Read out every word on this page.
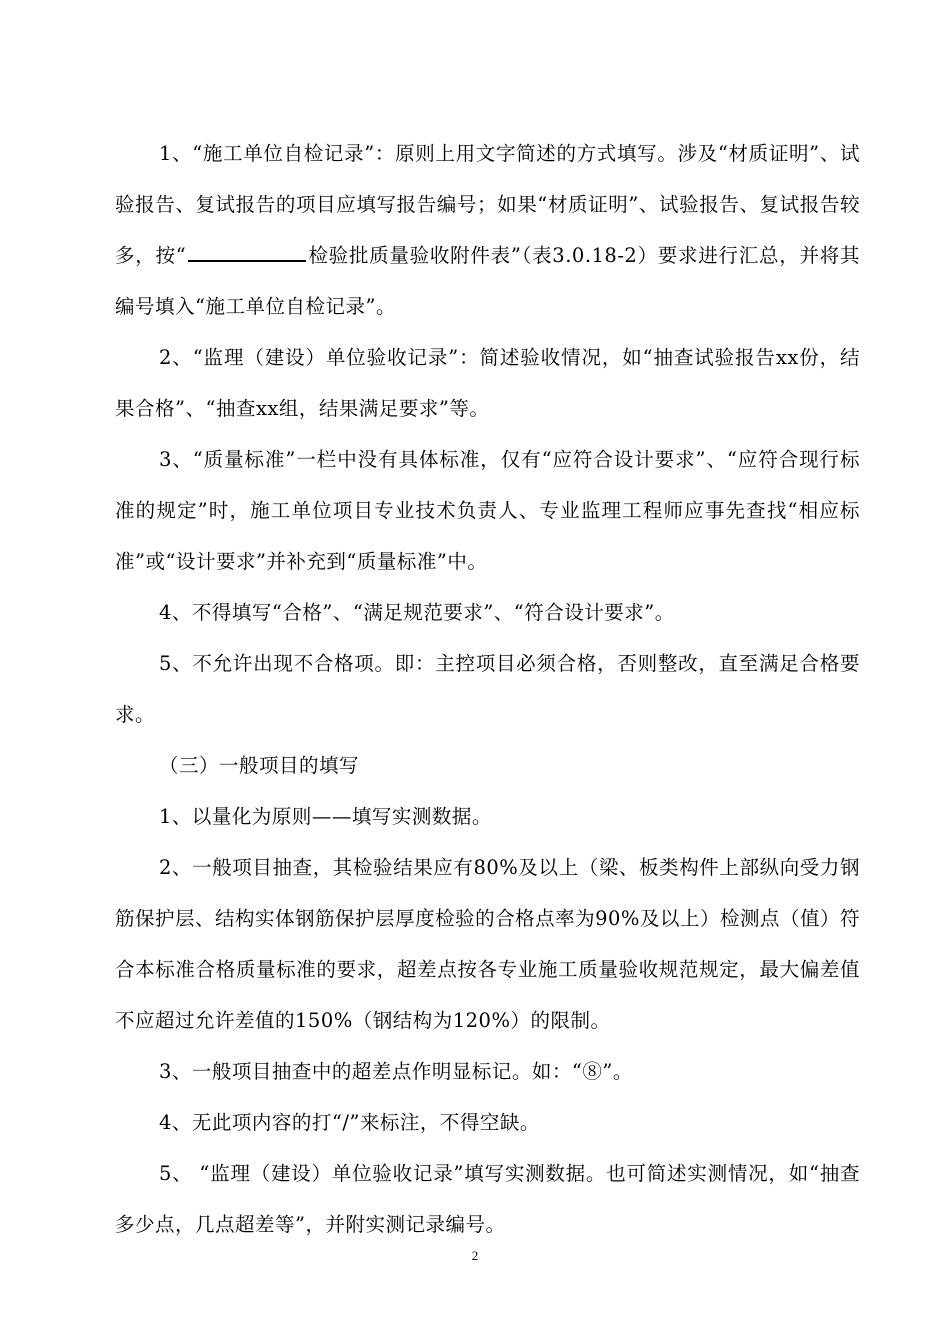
1、“施工单位自检记录”：原则上用文字简述的方式填写。涉及“材质证明”、试验报告、复试报告的项目应填写报告编号；如果“材质证明”、试验报告、复试报告较多，按“	检验批质量验收附件表”（表3.0.18-2）要求进行汇总，并将其编号填入“施工单位自检记录”。

2、“监理（建设）单位验收记录”：简述验收情况，如“抽查试验报告xx份，结果合格”、“抽查xx组，结果满足要求”等。

3、“质量标准”一栏中没有具体标准，仅有“应符合设计要求”、“应符合现行标准的规定”时，施工单位项目专业技术负责人、专业监理工程师应事先查找“相应标准”或“设计要求”并补充到“质量标准”中。

4、不得填写“合格”、“满足规范要求”、“符合设计要求”。

5、不允许出现不合格项。即：主控项目必须合格，否则整改，直至满足合格要求。

（三）一般项目的填写

1、以量化为原则——填写实测数据。

2、一般项目抽查，其检验结果应有80%及以上（梁、板类构件上部纵向受力钢筋保护层、结构实体钢筋保护层厚度检验的合格点率为90%及以上）检测点（值）符合本标准合格质量标准的要求，超差点按各专业施工质量验收规范规定，最大偏差值不应超过允许差值的150%（钢结构为120%）的限制。

3、一般项目抽查中的超差点作明显标记。如：“⑧”。

4、无此项内容的打“/”来标注，不得空缺。

5、 “监理（建设）单位验收记录”填写实测数据。也可简述实测情况，如“抽查多少点，几点超差等”，并附实测记录编号。

2
